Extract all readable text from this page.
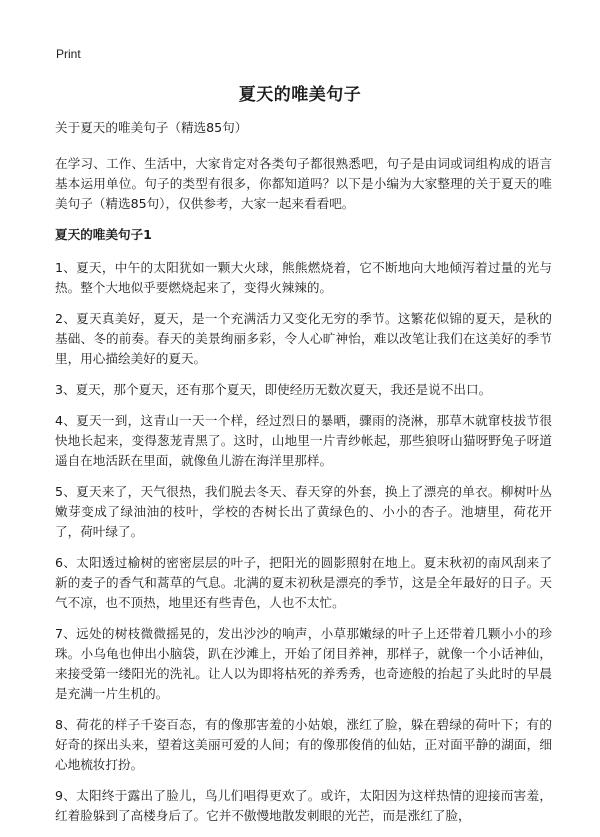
Print
夏天的唯美句子

关于夏天的唯美句子（精选85句）

在学习、工作、生活中，大家肯定对各类句子都很熟悉吧，句子是由词或词组构成的语言基本运用单位。句子的类型有很多，你都知道吗？以下是小编为大家整理的关于夏天的唯美句子（精选85句），仅供参考，大家一起来看看吧。

夏天的唯美句子1

1、夏天，中午的太阳犹如一颗大火球，熊熊燃烧着，它不断地向大地倾泻着过量的光与热。整个大地似乎要燃烧起来了，变得火辣辣的。

2、夏天真美好，夏天，是一个充满活力又变化无穷的季节。这繁花似锦的夏天，是秋的基础、冬的前奏。春天的美景绚丽多彩，令人心旷神怡，难以改笔让我们在这美好的季节里，用心描绘美好的夏天。

3、夏天，那个夏天，还有那个夏天，即使经历无数次夏天，我还是说不出口。

4、夏天一到，这青山一天一个样，经过烈日的暴晒，骤雨的浇淋，那草木就窜枝拔节很快地长起来，变得葱茏青黑了。这时，山地里一片青纱帐起，那些狼呀山猫呀野兔子呀道遥自在地活跃在里面，就像鱼儿游在海洋里那样。

5、夏天来了，天气很热，我们脱去冬天、春天穿的外套，换上了漂亮的单衣。柳树叶丛嫩芽变成了绿油油的枝叶，学校的杏树长出了黄绿色的、小小的杏子。池塘里，荷花开了，荷叶绿了。

6、太阳透过榆树的密密层层的叶子，把阳光的圆影照射在地上。夏末秋初的南风刮来了新的麦子的香气和蒿草的气息。北满的夏末初秋是漂亮的季节，这是全年最好的日子。天气不凉，也不顶热，地里还有些青色，人也不太忙。

7、远处的树枝微微摇晃的，发出沙沙的响声，小草那嫩绿的叶子上还带着几颗小小的珍珠。小乌龟也伸出小脑袋，趴在沙滩上，开始了闭目养神，那样子，就像一个小话神仙，来接受第一缕阳光的洗礼。让人以为即将枯死的养秀秀，也奇迹般的抬起了头此时的早晨是充满一片生机的。

8、荷花的样子千姿百态，有的像那害羞的小姑娘，涨红了脸，躲在碧绿的荷叶下；有的好奇的探出头来，望着这美丽可爱的人间；有的像那俊俏的仙姑，正对面平静的湖面，细心地梳妆打扮。

9、太阳终于露出了脸儿，鸟儿们唱得更欢了。或许，太阳因为这样热情的迎接而害羞，红着脸躲到了高楼身后了。它并不傲慢地散发刺眼的光芒，而是涨红了脸，
